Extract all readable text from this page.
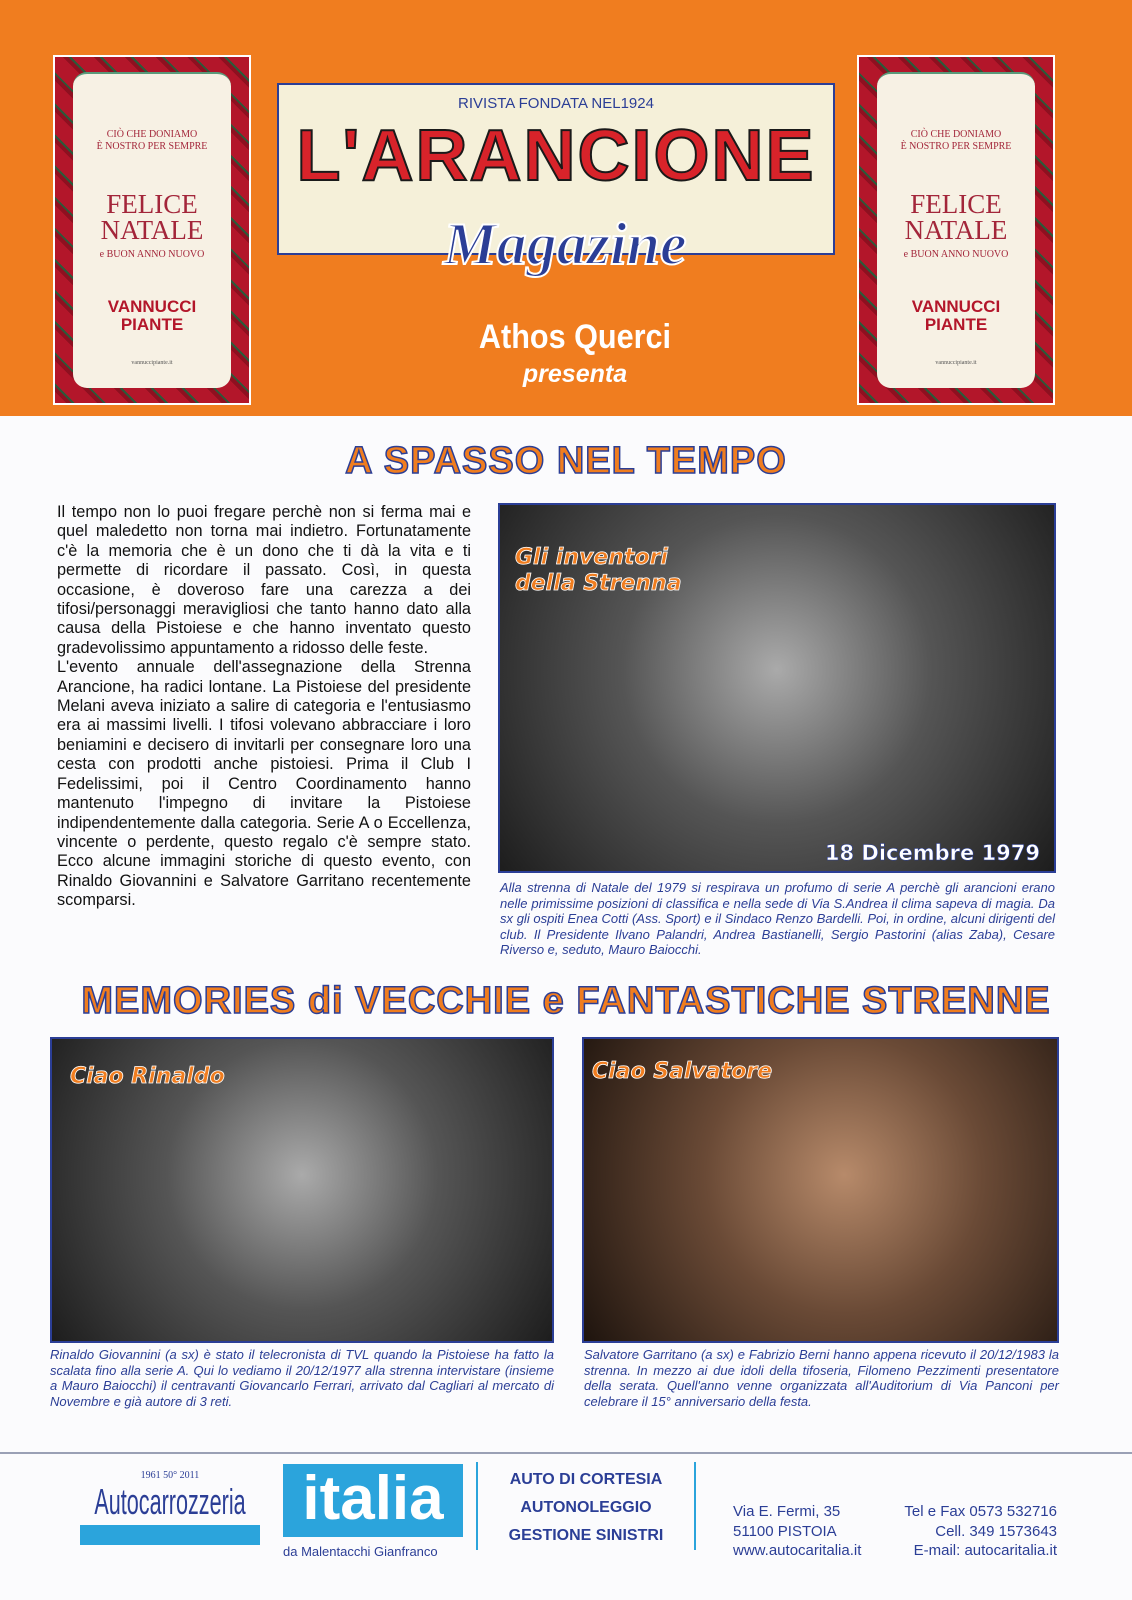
CIÒ CHE DONIAMO
È NOSTRO PER SEMPRE
FELICE
NATALE
e BUON ANNO NUOVO
VANNUCCI
PIANTE
vannuccipiante.it
CIÒ CHE DONIAMO
È NOSTRO PER SEMPRE
FELICE
NATALE
e BUON ANNO NUOVO
VANNUCCI
PIANTE
vannuccipiante.it
RIVISTA FONDATA NEL1924
L'ARANCIONE
Magazine
Athos Querci
presenta
A SPASSO NEL TEMPO

Il tempo non lo puoi fregare perchè non si ferma mai e quel maledetto non torna mai indietro. Fortunatamente c'è la memoria che è un dono che ti dà la vita e ti permette di ricordare il passato. Così, in questa occasione, è doveroso fare una carezza a dei tifosi/personaggi meravigliosi che tanto hanno dato alla causa della Pistoiese e che hanno inventato questo gradevolissimo appuntamento a ridosso delle feste.

L'evento annuale dell'assegnazione della Strenna Arancione, ha radici lontane. La Pistoiese del presidente Melani aveva iniziato a salire di categoria e l'entusiasmo era ai massimi livelli. I tifosi volevano abbracciare i loro beniamini e decisero di invitarli per consegnare loro una cesta con prodotti anche pistoiesi. Prima il Club I Fedelissimi, poi il Centro Coordinamento hanno mantenuto l'impegno di invitare la Pistoiese indipendentemente dalla categoria. Serie A o Eccellenza, vincente o perdente, questo regalo c'è sempre stato. Ecco alcune immagini storiche di questo evento, con Rinaldo Giovannini e Salvatore Garritano recentemente scomparsi.

Gli inventori
della Strenna
18 Dicembre 1979
Alla strenna di Natale del 1979 si respirava un profumo di serie A perchè gli arancioni erano nelle primissime posizioni di classifica e nella sede di Via S.Andrea il clima sapeva di magia. Da sx gli ospiti Enea Cotti (Ass. Sport) e il Sindaco Renzo Bardelli. Poi, in ordine, alcuni dirigenti del club. Il Presidente Ilvano Palandri, Andrea Bastianelli, Sergio Pastorini (alias Zaba), Cesare Riverso e, seduto, Mauro Baiocchi.
MEMORIES di VECCHIE e FANTASTICHE STRENNE
Ciao Rinaldo
Rinaldo Giovannini (a sx) è stato il telecronista di TVL quando la Pistoiese ha fatto la scalata fino alla serie A. Qui lo vediamo il 20/12/1977 alla strenna intervistare (insieme a Mauro Baiocchi) il centravanti Giovancarlo Ferrari, arrivato dal Cagliari al mercato di Novembre e già autore di 3 reti.
Ciao Salvatore
Salvatore Garritano (a sx) e Fabrizio Berni hanno appena ricevuto il 20/12/1983 la strenna. In mezzo ai due idoli della tifoseria, Filomeno Pezzimenti presentatore della serata. Quell'anno venne organizzata all'Auditorium di Via Panconi per celebrare il 15° anniversario della festa.
1961 50° 2011
Autocarrozzeria italia
da Malentacchi Gianfranco
AUTO DI CORTESIA
AUTONOLEGGIO
GESTIONE SINISTRI
Via E. Fermi, 35
51100 PISTOIA
www.autocaritalia.it
Tel e Fax 0573 532716
Cell. 349 1573643
E-mail: autocaritalia.it
